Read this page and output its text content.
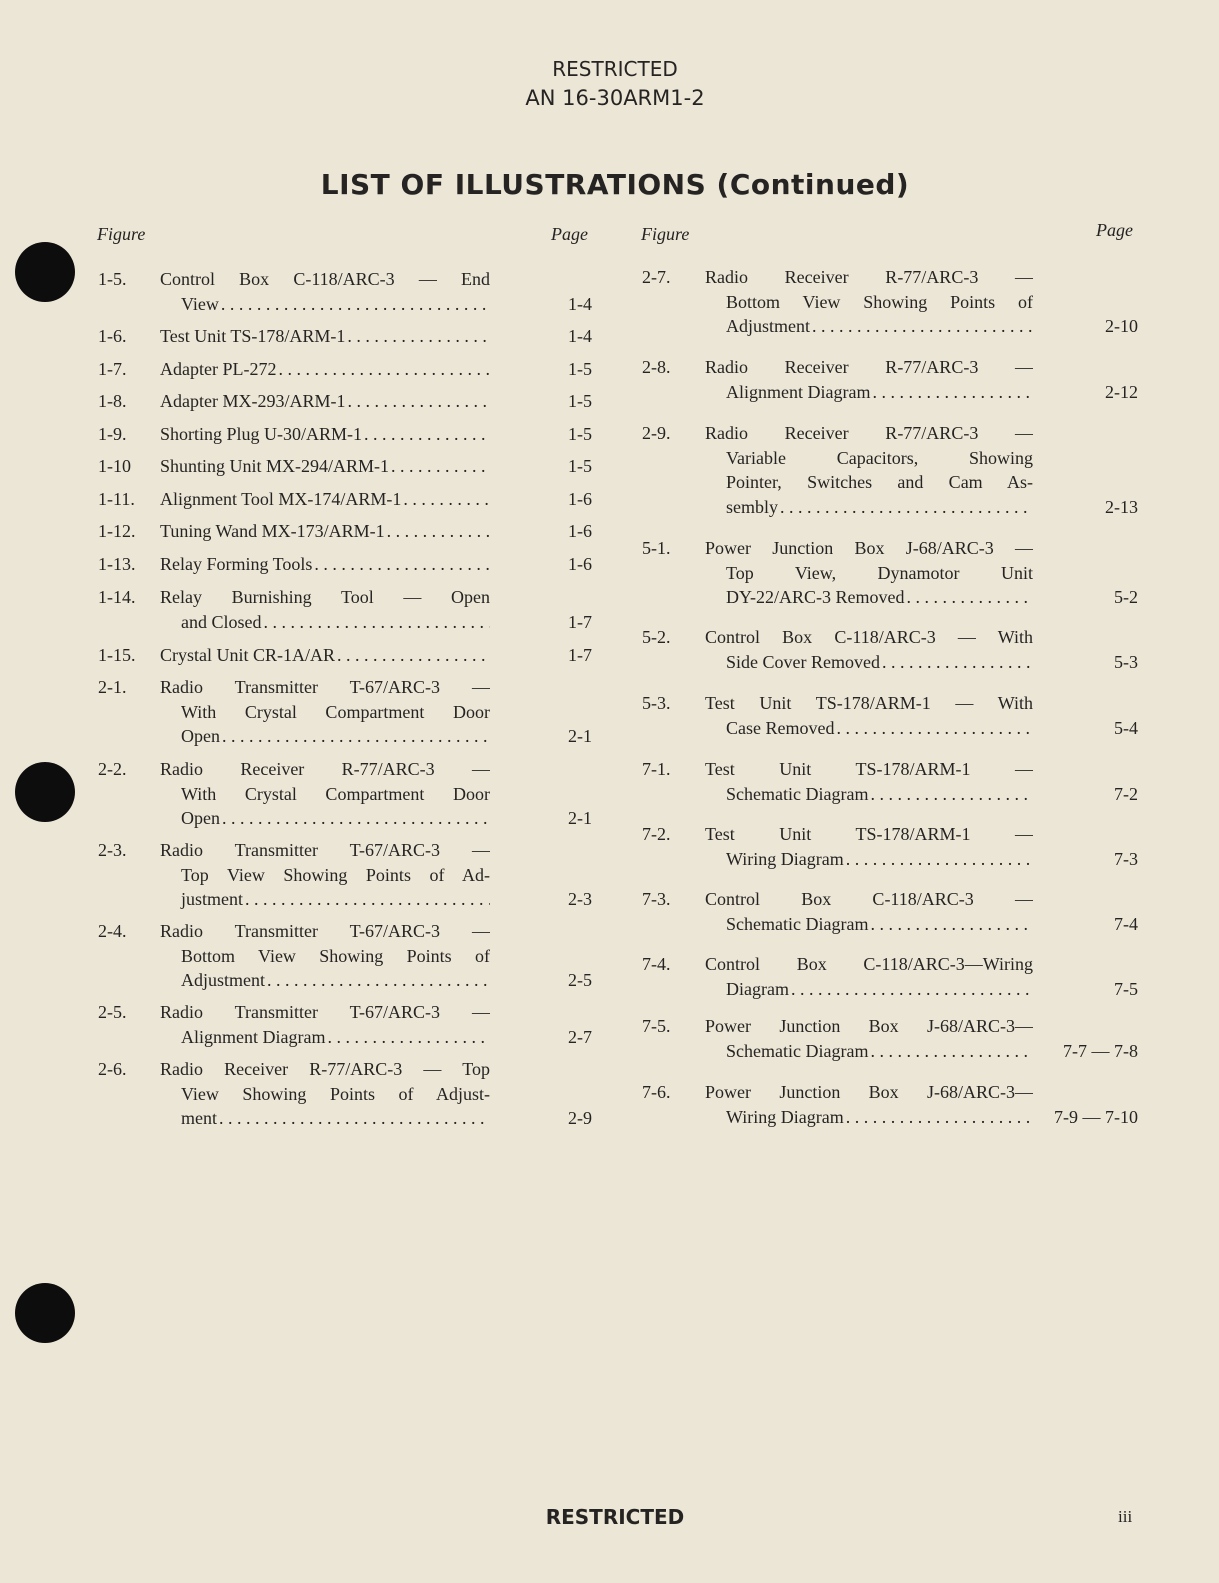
RESTRICTED
AN 16-30ARM1-2
LIST OF ILLUSTRATIONS (Continued)
Figure	Page	Figure	Page
1-5. Control Box C-118/ARC-3 — End
View . . .	1-4
1-6. Test Unit TS-178/ARM-1 . . .	1-4
1-7. Adapter PL-272 . . .	1-5
1-8. Adapter MX-293/ARM-1 . . .	1-5
1-9. Shorting Plug U-30/ARM-1 . . .	1-5
1-10 Shunting Unit MX-294/ARM-1 . . .	1-5
1-11. Alignment Tool MX-174/ARM-1 . . .	1-6
1-12. Tuning Wand MX-173/ARM-1 . . .	1-6
1-13. Relay Forming Tools . . .	1-6
1-14. Relay Burnishing Tool — Open
and Closed . . .	1-7
1-15. Crystal Unit CR-1A/AR . . .	1-7
2-1. Radio Transmitter T-67/ARC-3 —
With Crystal Compartment Door
Open . . .	2-1
2-2. Radio Receiver R-77/ARC-3 —
With Crystal Compartment Door
Open . . .	2-1
2-3. Radio Transmitter T-67/ARC-3 —
Top View Showing Points of Ad-
justment . . .	2-3
2-4. Radio Transmitter T-67/ARC-3 —
Bottom View Showing Points of
Adjustment . . .	2-5
2-5. Radio Transmitter T-67/ARC-3 —
Alignment Diagram . . .	2-7
2-6. Radio Receiver R-77/ARC-3 — Top
View Showing Points of Adjust-
ment . . .	2-9
2-7. Radio Receiver R-77/ARC-3 —
Bottom View Showing Points of
Adjustment . . .	2-10
2-8. Radio Receiver R-77/ARC-3 —
Alignment Diagram . . .	2-12
2-9. Radio Receiver R-77/ARC-3 —
Variable Capacitors, Showing
Pointer, Switches and Cam As-
sembly . . .	2-13
5-1. Power Junction Box J-68/ARC-3 —
Top View, Dynamotor Unit
DY-22/ARC-3 Removed . . .	5-2
5-2. Control Box C-118/ARC-3 — With
Side Cover Removed . . .	5-3
5-3. Test Unit TS-178/ARM-1 — With
Case Removed . . .	5-4
7-1. Test Unit TS-178/ARM-1 —
Schematic Diagram . . .	7-2
7-2. Test Unit TS-178/ARM-1 —
Wiring Diagram . . .	7-3
7-3. Control Box C-118/ARC-3 —
Schematic Diagram . . .	7-4
7-4. Control Box C-118/ARC-3—Wiring
Diagram . . .	7-5
7-5. Power Junction Box J-68/ARC-3—
Schematic Diagram . . .	7-7 — 7-8
7-6. Power Junction Box J-68/ARC-3—
Wiring Diagram . . .	7-9 — 7-10
RESTRICTED	iii
